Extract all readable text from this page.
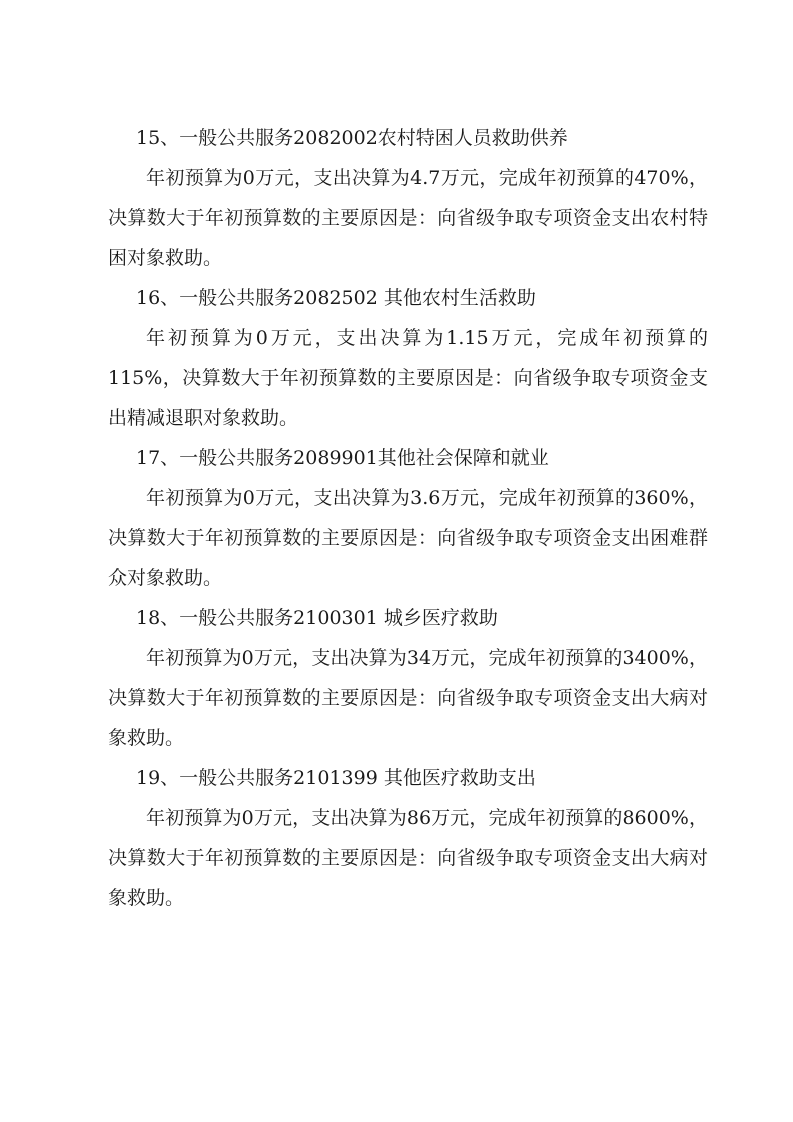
15、一般公共服务2082002农村特困人员救助供养

年初预算为0万元，支出决算为4.7万元，完成年初预算的470%，决算数大于年初预算数的主要原因是：向省级争取专项资金支出农村特困对象救助。

16、一般公共服务2082502 其他农村生活救助

年初预算为0万元，支出决算为1.15万元，完成年初预算的115%，决算数大于年初预算数的主要原因是：向省级争取专项资金支出精减退职对象救助。

17、一般公共服务2089901其他社会保障和就业

年初预算为0万元，支出决算为3.6万元，完成年初预算的360%，决算数大于年初预算数的主要原因是：向省级争取专项资金支出困难群众对象救助。

18、一般公共服务2100301 城乡医疗救助

年初预算为0万元，支出决算为34万元，完成年初预算的3400%，决算数大于年初预算数的主要原因是：向省级争取专项资金支出大病对象救助。

19、一般公共服务2101399 其他医疗救助支出

年初预算为0万元，支出决算为86万元，完成年初预算的8600%，决算数大于年初预算数的主要原因是：向省级争取专项资金支出大病对象救助。
